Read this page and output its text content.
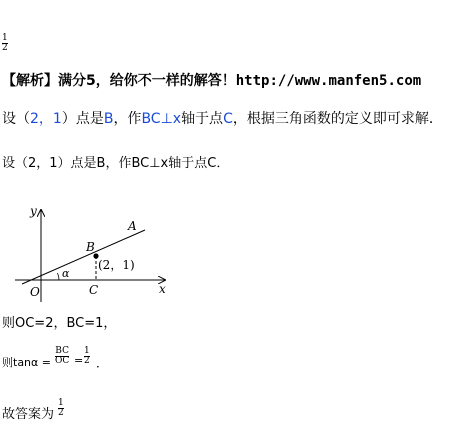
1
2
【解析】满分5，给你不一样的解答！http://www.manfen5.com
设（2，1）点是B，作BC⊥x轴于点C，根据三角函数的定义即可求解．
设（2，1）点是B，作BC⊥x轴于点C．
y
x
A
B
O	C
α
(2，1)
则OC=2，BC=1，
则tanα =
BC
OC =
1
2 ．
故答案为
1
2
